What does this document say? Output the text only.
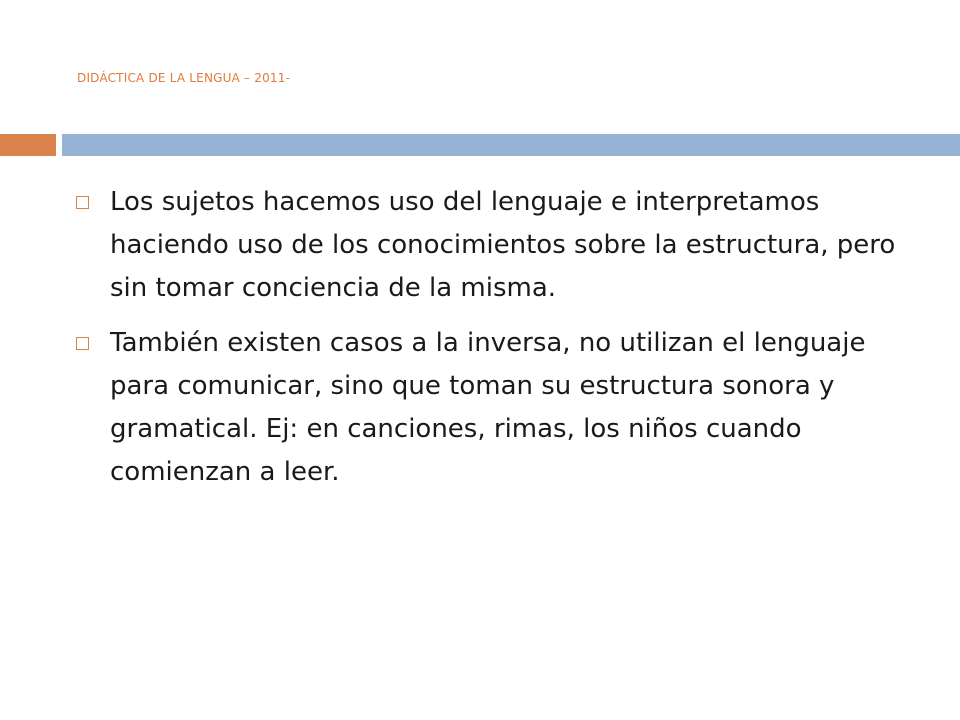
DIDÁCTICA DE LA LENGUA – 2011-
Los sujetos hacemos uso del lenguaje e interpretamos haciendo uso de los conocimientos sobre la estructura, pero sin tomar conciencia de la misma.
También existen casos a la inversa, no utilizan el lenguaje para comunicar, sino que toman su estructura sonora y gramatical. Ej: en canciones, rimas, los niños cuando comienzan a leer.
